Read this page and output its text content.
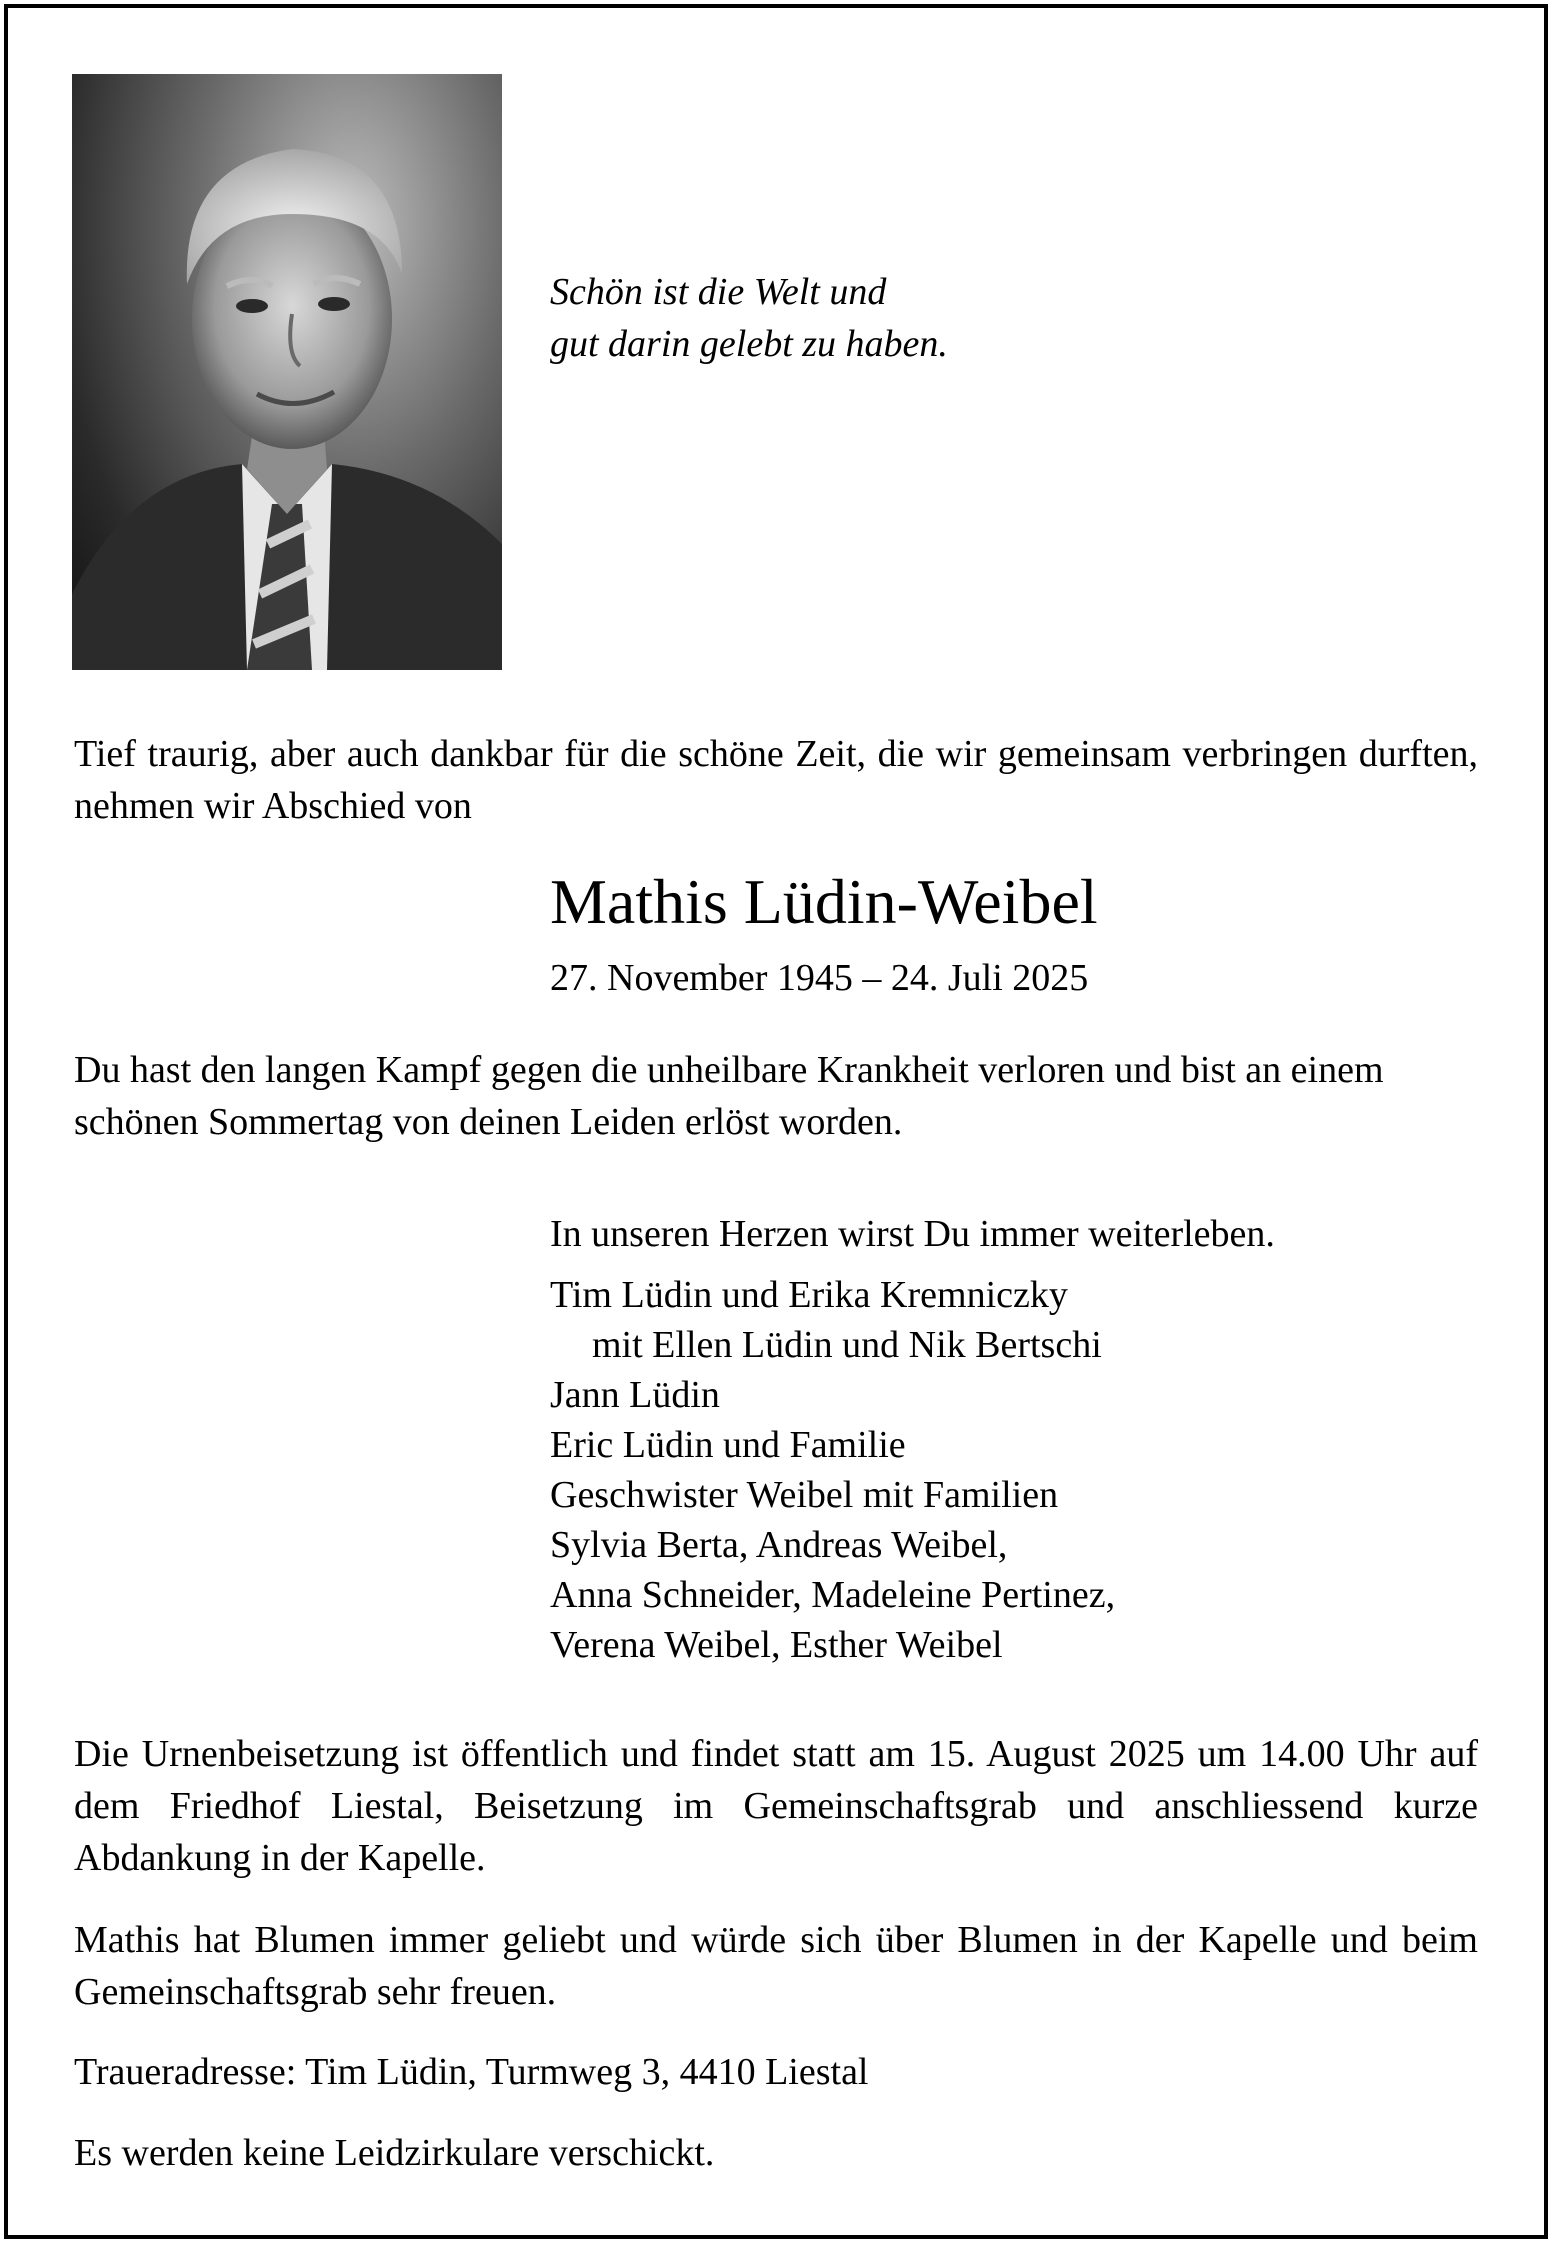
Schön ist die Welt und
gut darin gelebt zu haben.
Tief traurig, aber auch dankbar für die schöne Zeit, die wir gemeinsam verbringen durften, nehmen wir Abschied von
Mathis Lüdin-Weibel
27. November 1945 – 24. Juli 2025
Du hast den langen Kampf gegen die unheilbare Krankheit verloren und bist an einem schönen Sommertag von deinen Leiden erlöst worden.
In unseren Herzen wirst Du immer weiterleben.
Tim Lüdin und Erika Kremniczky
mit Ellen Lüdin und Nik Bertschi
Jann Lüdin
Eric Lüdin und Familie
Geschwister Weibel mit Familien
Sylvia Berta, Andreas Weibel,
Anna Schneider, Madeleine Pertinez,
Verena Weibel, Esther Weibel
Die Urnenbeisetzung ist öffentlich und findet statt am 15. August 2025 um 14.00 Uhr auf dem Friedhof Liestal, Beisetzung im Gemeinschaftsgrab und anschliessend kurze Abdankung in der Kapelle.
Mathis hat Blumen immer geliebt und würde sich über Blumen in der Kapelle und beim Gemeinschaftsgrab sehr freuen.
Traueradresse: Tim Lüdin, Turmweg 3, 4410 Liestal
Es werden keine Leidzirkulare verschickt.
